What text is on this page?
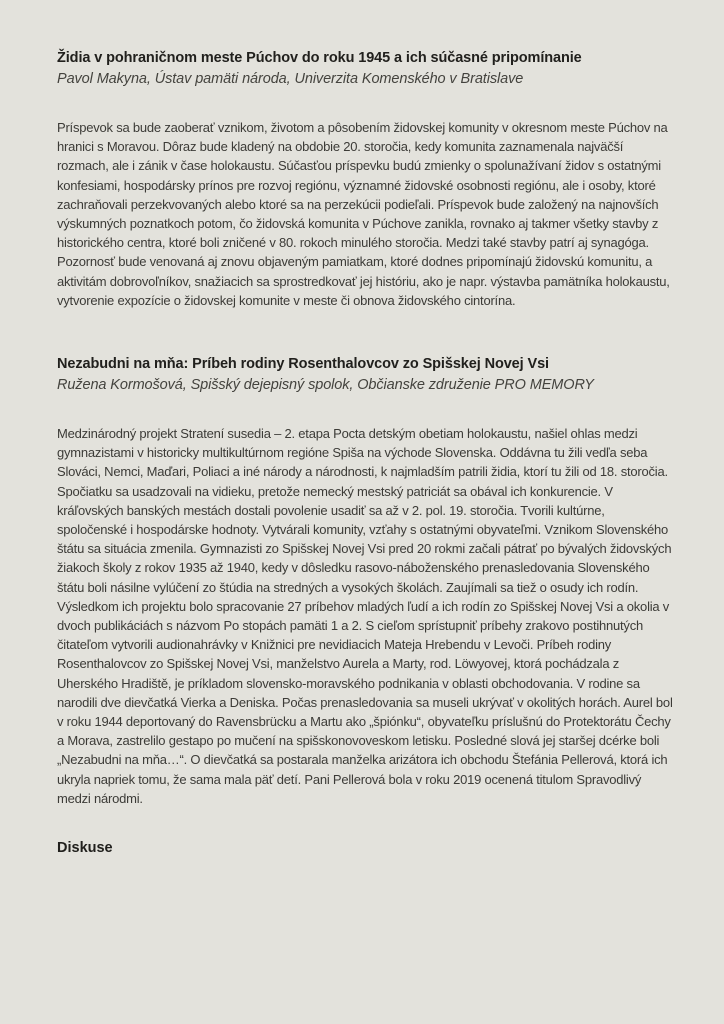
Židia v pohraničnom meste Púchov do roku 1945 a ich súčasné pripomínanie

Pavol Makyna, Ústav pamäti národa, Univerzita Komenského v Bratislave

Príspevok sa bude zaoberať vznikom, životom a pôsobením židovskej komunity v okresnom meste Púchov na hranici s Moravou. Dôraz bude kladený na obdobie 20. storočia, kedy komunita zaznamenala najväčší rozmach, ale i zánik v čase holokaustu. Súčasťou príspevku budú zmienky o spolunažívaní židov s ostatnými konfesiami, hospodársky prínos pre rozvoj regiónu, významné židovské osobnosti regiónu, ale i osoby, ktoré zachraňovali perzekvovaných alebo ktoré sa na perzekúcii podieľali. Príspevok bude založený na najnovších výskumných poznatkoch potom, čo židovská komunita v Púchove zanikla, rovnako aj takmer všetky stavby z historického centra, ktoré boli zničené v 80. rokoch minulého storočia. Medzi také stavby patrí aj synagóga. Pozornosť bude venovaná aj znovu objaveným pamiatkam, ktoré dodnes pripomínajú židovskú komunitu, a aktivitám dobrovoľníkov, snažiacich sa sprostredkovať jej históriu, ako je napr. výstavba pamätníka holokaustu, vytvorenie expozície o židovskej komunite v meste či obnova židovského cintorína.

Nezabudni na mňa: Príbeh rodiny Rosenthalovcov zo Spišskej Novej Vsi

Ružena Kormošová, Spišský dejepisný spolok, Občianske združenie PRO MEMORY

Medzinárodný projekt Stratení susedia – 2. etapa Pocta detským obetiam holokaustu, našiel ohlas medzi gymnazistami v historicky multikultúrnom regióne Spiša na východe Slovenska. Oddávna tu žili vedľa seba Slováci, Nemci, Maďari, Poliaci a iné národy a národnosti, k najmladším patrili židia, ktorí tu žili od 18. storočia. Spočiatku sa usadzovali na vidieku, pretože nemecký mestský patriciát sa obával ich konkurencie. V kráľovských banských mestách dostali povolenie usadiť sa až v 2. pol. 19. storočia. Tvorili kultúrne, spoločenské i hospodárske hodnoty. Vytvárali komunity, vzťahy s ostatnými obyvateľmi. Vznikom Slovenského štátu sa situácia zmenila. Gymnazisti zo Spišskej Novej Vsi pred 20 rokmi začali pátrať po bývalých židovských žiakoch školy z rokov 1935 až 1940, kedy v dôsledku rasovo-náboženského prenasledovania Slovenského štátu boli násilne vylúčení zo štúdia na stredných a vysokých školách. Zaujímali sa tiež o osudy ich rodín. Výsledkom ich projektu bolo spracovanie 27 príbehov mladých ľudí a ich rodín zo Spišskej Novej Vsi a okolia v dvoch publikáciách s názvom Po stopách pamäti 1 a 2. S cieľom sprístupniť príbehy zrakovo postihnutých čitateľom vytvorili audionahrávky v Knižnici pre nevidiacich Mateja Hrebendu v Levoči. Príbeh rodiny Rosenthalovcov zo Spišskej Novej Vsi, manželstvo Aurela a Marty, rod. Löwyovej, ktorá pochádzala z Uherského Hradiště, je príkladom slovensko-moravského podnikania v oblasti obchodovania. V rodine sa narodili dve dievčatká Vierka a Deniska. Počas prenasledovania sa museli ukrývať v okolitých horách. Aurel bol v roku 1944 deportovaný do Ravensbrücku a Martu ako „špiónku“, obyvateľku príslušnú do Protektorátu Čechy a Morava, zastrelilo gestapo po mučení na spišskonovoveskom letisku. Posledné slová jej staršej dcérke boli „Nezabudni na mňa…“. O dievčatká sa postarala manželka arizátora ich obchodu Štefánia Pellerová, ktorá ich ukryla napriek tomu, že sama mala päť detí. Pani Pellerová bola v roku 2019 ocenená titulom Spravodlivý medzi národmi.

Diskuse
